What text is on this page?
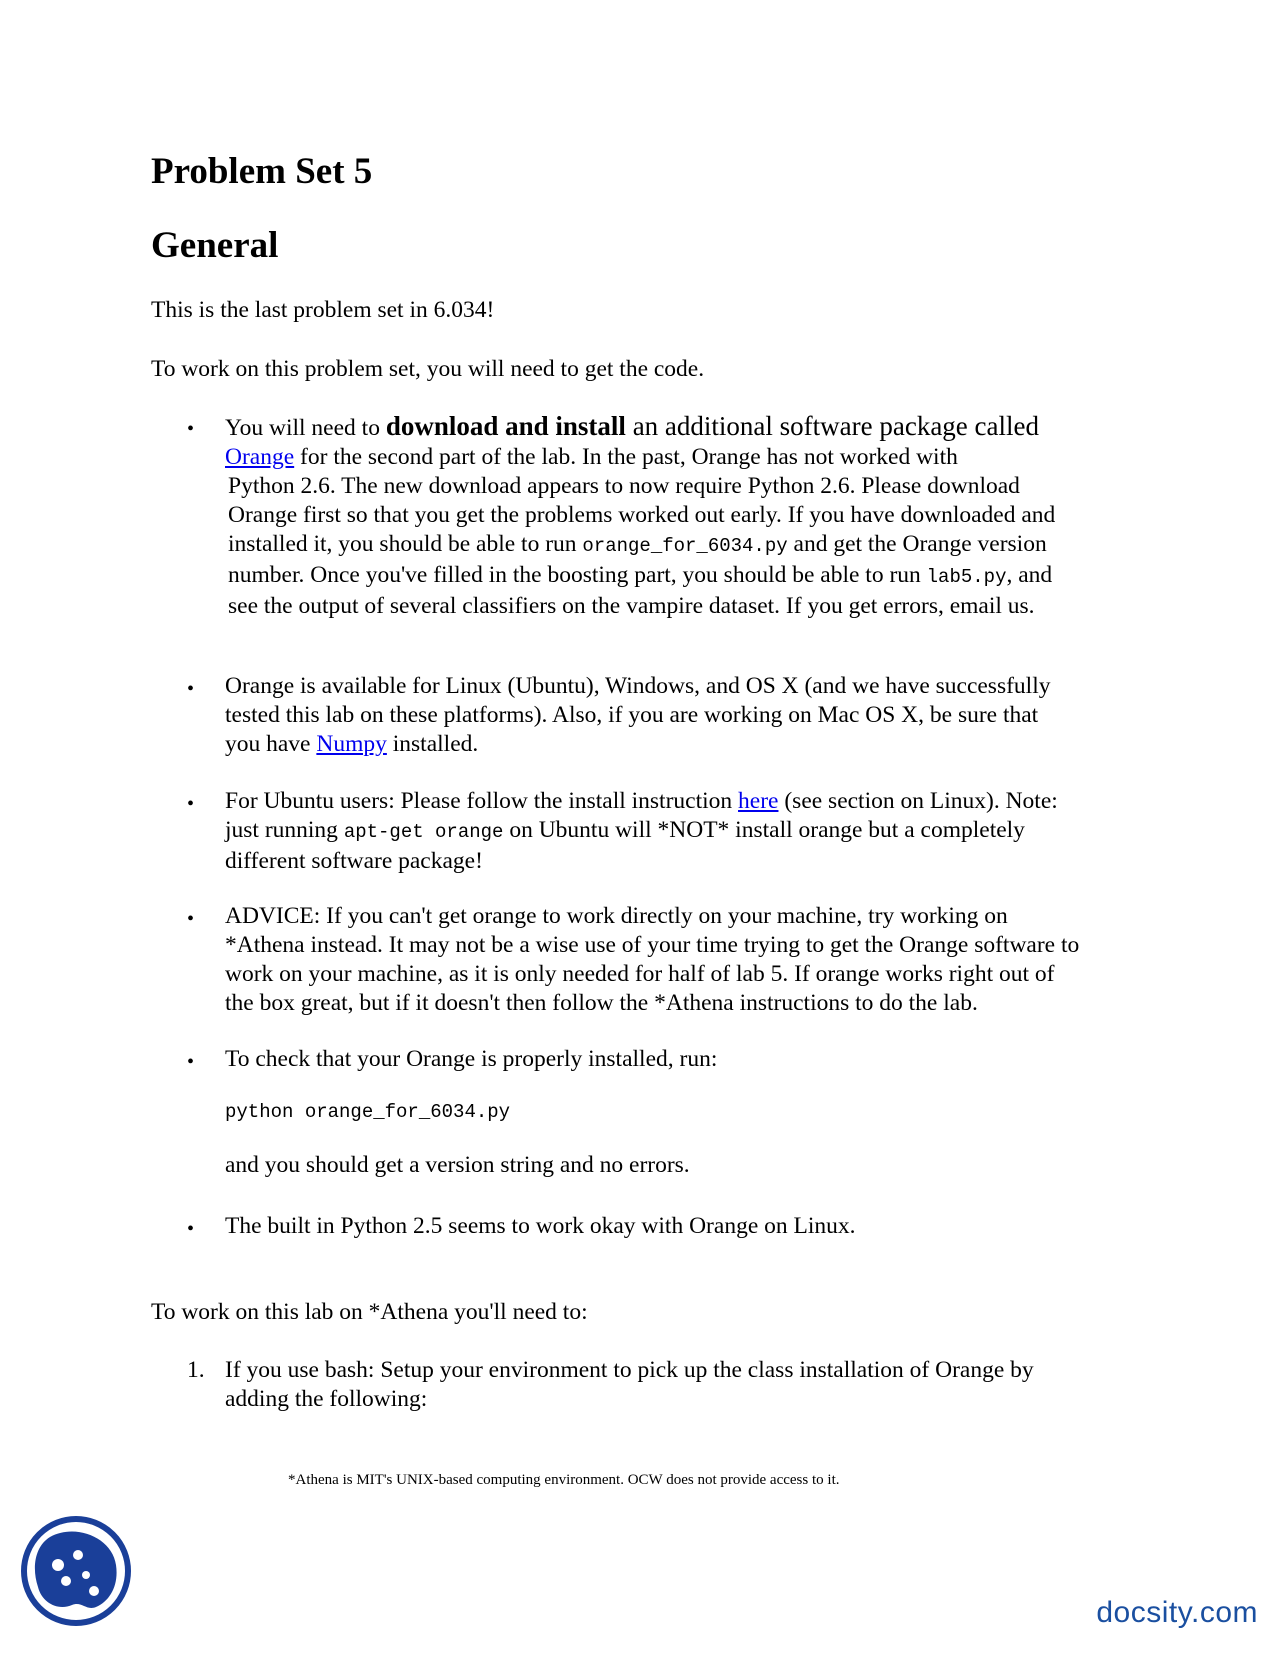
Problem Set 5
General

This is the last problem set in 6.034!

To work on this problem set, you will need to get the code.

• You will need to download and install an additional software package called
Orange for the second part of the lab. In the past, Orange has not worked with
Python 2.6. The new download appears to now require Python 2.6. Please download
Orange first so that you get the problems worked out early. If you have downloaded and
installed it, you should be able to run orange_for_6034.py and get the Orange version
number. Once you've filled in the boosting part, you should be able to run lab5.py, and
see the output of several classifiers on the vampire dataset. If you get errors, email us.
• Orange is available for Linux (Ubuntu), Windows, and OS X (and we have successfully
tested this lab on these platforms). Also, if you are working on Mac OS X, be sure that
you have Numpy installed.
• For Ubuntu users: Please follow the install instruction here (see section on Linux). Note:
just running apt-get orange on Ubuntu will *NOT* install orange but a completely
different software package!
• ADVICE: If you can't get orange to work directly on your machine, try working on
*Athena instead. It may not be a wise use of your time trying to get the Orange software to
work on your machine, as it is only needed for half of lab 5. If orange works right out of
the box great, but if it doesn't then follow the *Athena instructions to do the lab.
• To check that your Orange is properly installed, run:
python orange_for_6034.py
and you should get a version string and no errors.
• The built in Python 2.5 seems to work okay with Orange on Linux.

To work on this lab on *Athena you'll need to:

1. If you use bash: Setup your environment to pick up the class installation of Orange by
adding the following:
*Athena is MIT's UNIX-based computing environment. OCW does not provide access to it.
docsity.com
